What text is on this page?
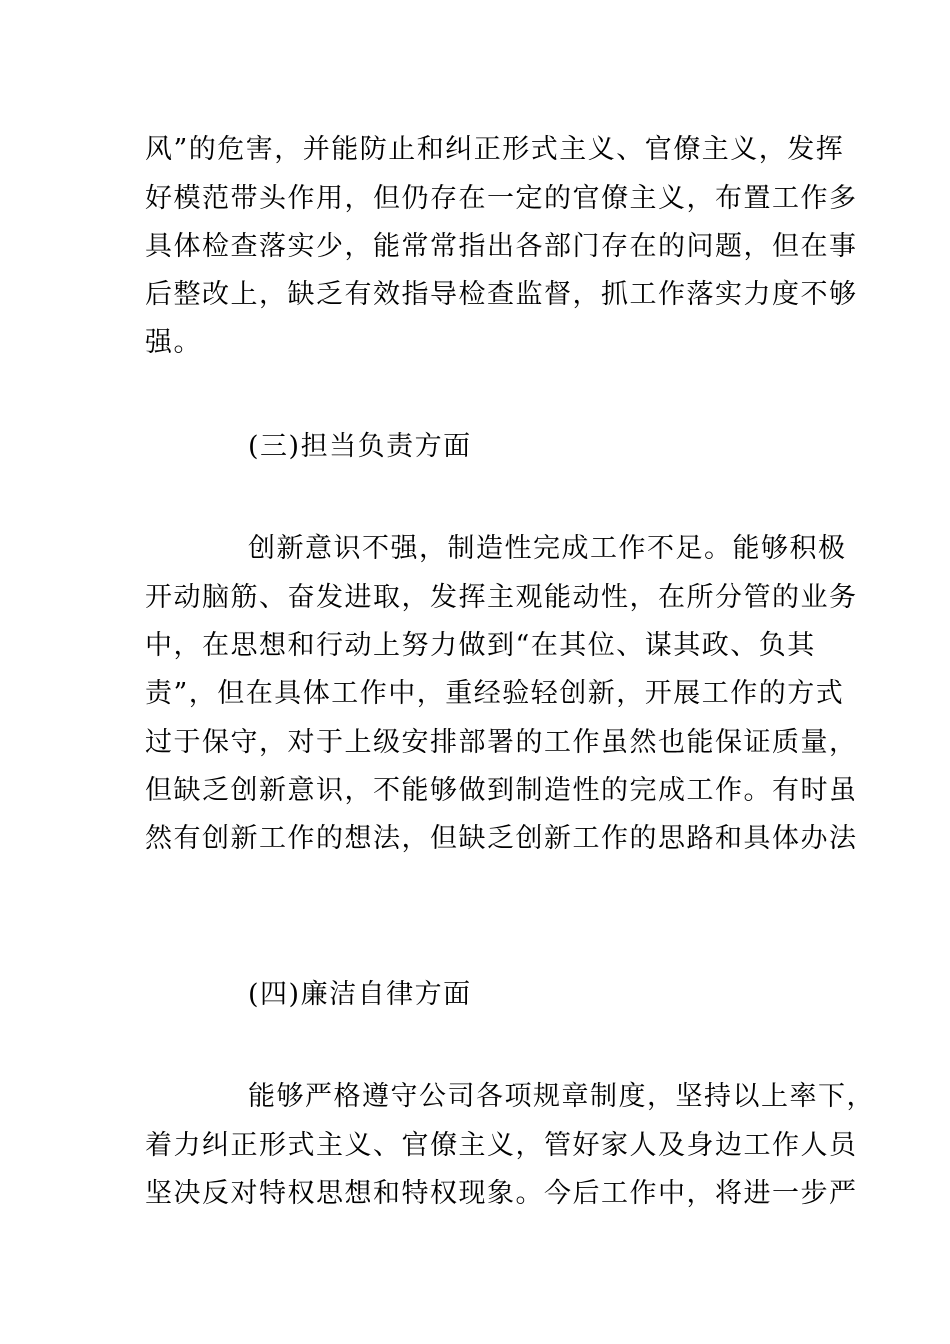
风”的危害，并能防止和纠正形式主义、官僚主义，发挥
好模范带头作用，但仍存在一定的官僚主义，布置工作多
具体检查落实少，能常常指出各部门存在的问题，但在事
后整改上，缺乏有效指导检查监督，抓工作落实力度不够
强。
(三)担当负责方面
创新意识不强，制造性完成工作不足。能够积极
开动脑筋、奋发进取，发挥主观能动性，在所分管的业务
中，在思想和行动上努力做到“在其位、谋其政、负其
责”，但在具体工作中，重经验轻创新，开展工作的方式
过于保守，对于上级安排部署的工作虽然也能保证质量，
但缺乏创新意识，不能够做到制造性的完成工作。有时虽
然有创新工作的想法，但缺乏创新工作的思路和具体办法
(四)廉洁自律方面
能够严格遵守公司各项规章制度，坚持以上率下，
着力纠正形式主义、官僚主义，管好家人及身边工作人员
坚决反对特权思想和特权现象。今后工作中，将进一步严
